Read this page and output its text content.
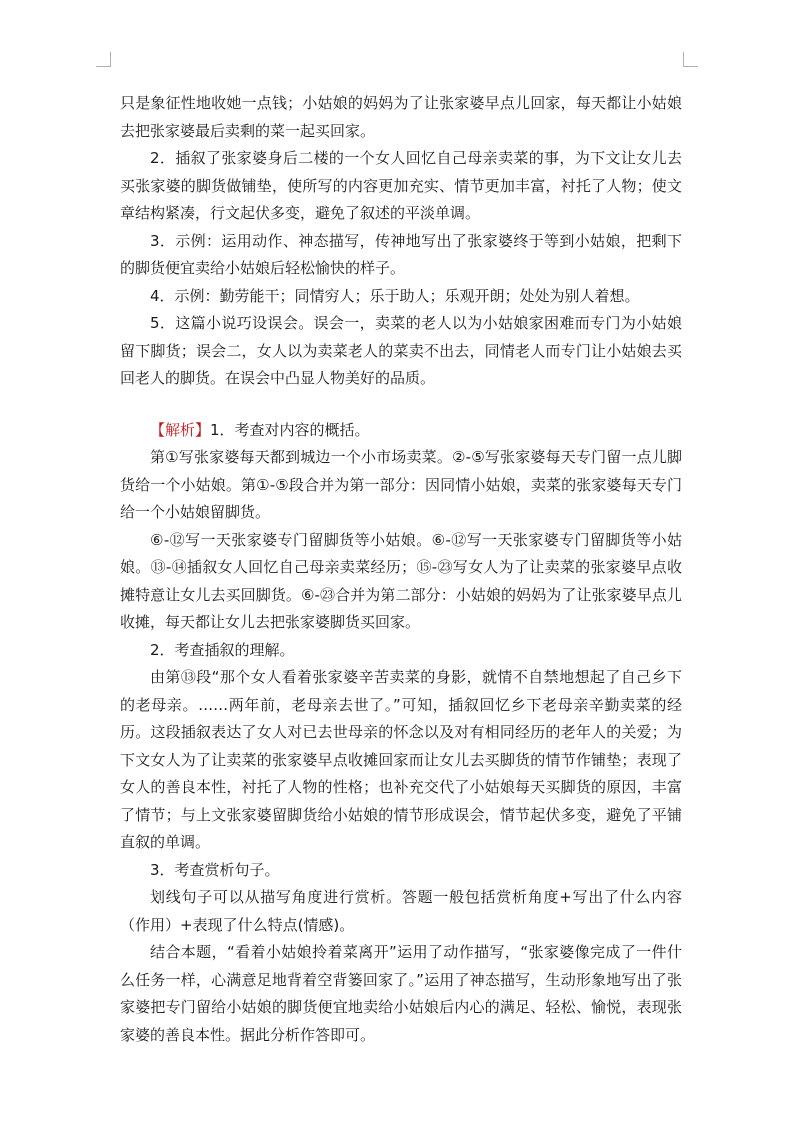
只是象征性地收她一点钱；小姑娘的妈妈为了让张家婆早点儿回家，每天都让小姑娘去把张家婆最后卖剩的菜一起买回家。

2．插叙了张家婆身后二楼的一个女人回忆自己母亲卖菜的事，为下文让女儿去买张家婆的脚货做铺垫，使所写的内容更加充实、情节更加丰富，衬托了人物；使文章结构紧凑，行文起伏多变，避免了叙述的平淡单调。

3．示例：运用动作、神态描写，传神地写出了张家婆终于等到小姑娘，把剩下的脚货便宜卖给小姑娘后轻松愉快的样子。

4．示例：勤劳能干；同情穷人；乐于助人；乐观开朗；处处为别人着想。

5．这篇小说巧设误会。误会一，卖菜的老人以为小姑娘家困难而专门为小姑娘留下脚货；误会二，女人以为卖菜老人的菜卖不出去，同情老人而专门让小姑娘去买回老人的脚货。在误会中凸显人物美好的品质。

【解析】1．考查对内容的概括。

第①写张家婆每天都到城边一个小市场卖菜。②-⑤写张家婆每天专门留一点儿脚货给一个小姑娘。第①-⑤段合并为第一部分：因同情小姑娘，卖菜的张家婆每天专门给一个小姑娘留脚货。

⑥-⑫写一天张家婆专门留脚货等小姑娘。⑥-⑫写一天张家婆专门留脚货等小姑娘。⑬-⑭插叙女人回忆自己母亲卖菜经历；⑮-㉓写女人为了让卖菜的张家婆早点收摊特意让女儿去买回脚货。⑥-㉓合并为第二部分：小姑娘的妈妈为了让张家婆早点儿收摊，每天都让女儿去把张家婆脚货买回家。

2．考查插叙的理解。

由第⑬段“那个女人看着张家婆辛苦卖菜的身影，就情不自禁地想起了自己乡下的老母亲。……两年前，老母亲去世了。”可知，插叙回忆乡下老母亲辛勤卖菜的经历。这段插叙表达了女人对已去世母亲的怀念以及对有相同经历的老年人的关爱；为下文女人为了让卖菜的张家婆早点收摊回家而让女儿去买脚货的情节作铺垫；表现了女人的善良本性，衬托了人物的性格；也补充交代了小姑娘每天买脚货的原因，丰富了情节；与上文张家婆留脚货给小姑娘的情节形成误会，情节起伏多变，避免了平铺直叙的单调。

3．考查赏析句子。

划线句子可以从描写角度进行赏析。答题一般包括赏析角度+写出了什么内容（作用）+表现了什么特点(情感)。

结合本题，“看着小姑娘拎着菜离开”运用了动作描写，“张家婆像完成了一件什么任务一样，心满意足地背着空背篓回家了。”运用了神态描写，生动形象地写出了张家婆把专门留给小姑娘的脚货便宜地卖给小姑娘后内心的满足、轻松、愉悦，表现张家婆的善良本性。据此分析作答即可。
